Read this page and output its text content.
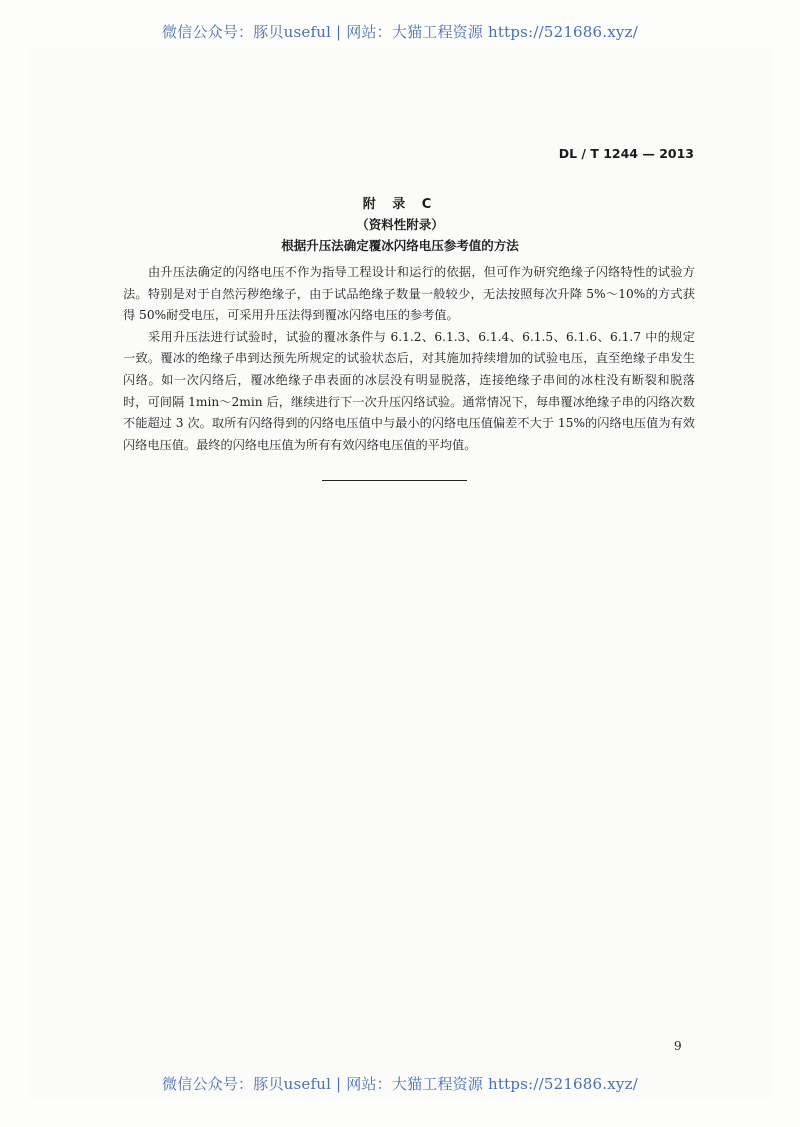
微信公众号：豚贝useful | 网站：大猫工程资源 https://521686.xyz/
DL / T 1244 — 2013
附 录 C
（资料性附录）
根据升压法确定覆冰闪络电压参考值的方法

由升压法确定的闪络电压不作为指导工程设计和运行的依据，但可作为研究绝缘子闪络特性的试验方法。特别是对于自然污秽绝缘子，由于试品绝缘子数量一般较少，无法按照每次升降 5%～10%的方式获得 50%耐受电压，可采用升压法得到覆冰闪络电压的参考值。

采用升压法进行试验时，试验的覆冰条件与 6.1.2、6.1.3、6.1.4、6.1.5、6.1.6、6.1.7 中的规定一致。覆冰的绝缘子串到达预先所规定的试验状态后，对其施加持续增加的试验电压，直至绝缘子串发生闪络。如一次闪络后，覆冰绝缘子串表面的冰层没有明显脱落，连接绝缘子串间的冰柱没有断裂和脱落时，可间隔 1min～2min 后，继续进行下一次升压闪络试验。通常情况下，每串覆冰绝缘子串的闪络次数不能超过 3 次。取所有闪络得到的闪络电压值中与最小的闪络电压值偏差不大于 15%的闪络电压值为有效闪络电压值。最终的闪络电压值为所有有效闪络电压值的平均值。

9
微信公众号：豚贝useful | 网站：大猫工程资源 https://521686.xyz/
